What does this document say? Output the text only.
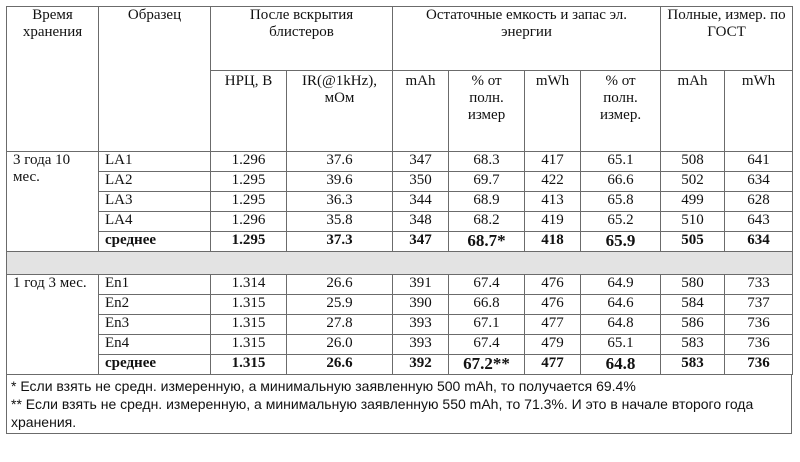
Время хранения	Образец	После вскрытия блистеров		Остаточные емкость и запас эл. энергии				Полные, измер. по ГОСТ	
		НРЦ, В	IR(@1kHz), мОм	mAh	% от полн. измер	mWh	% от полн. измер.	mAh	mWh
3 года 10 мес.	LA1	1.296	37.6	347	68.3	417	65.1	508	641
	LA2	1.295	39.6	350	69.7	422	66.6	502	634
	LA3	1.295	36.3	344	68.9	413	65.8	499	628
	LA4	1.296	35.8	348	68.2	419	65.2	510	643
	среднее	1.295	37.3	347	68.7*	418	65.9	505	634

1 год 3 мес.	En1	1.314	26.6	391	67.4	476	64.9	580	733
	En2	1.315	25.9	390	66.8	476	64.6	584	737
	En3	1.315	27.8	393	67.1	477	64.8	586	736
	En4	1.315	26.0	393	67.4	479	65.1	583	736
	среднее	1.315	26.6	392	67.2**	477	64.8	583	736
* Если взять не средн. измеренную, а минимальную заявленную 500 mAh, то получается 69.4%
** Если взять не средн. измеренную, а минимальную заявленную 550 mAh, то 71.3%. И это в начале второго года хранения.
